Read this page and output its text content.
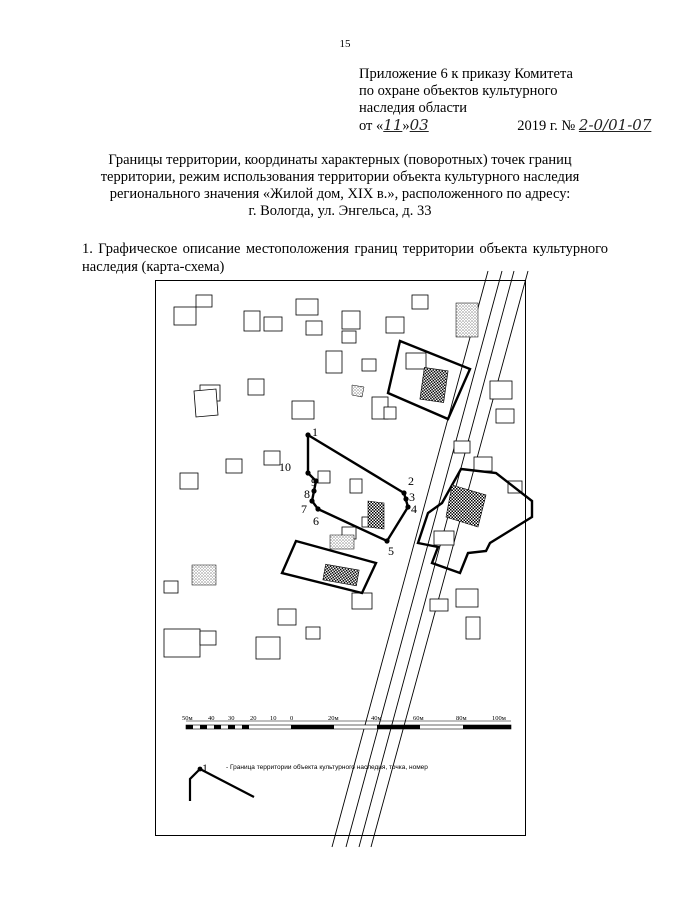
15
Приложение 6 к приказу Комитета
по охране объектов культурного
наследия области
от «11»03	2019 г. № 2-0/01-07
Границы территории, координаты характерных (поворотных) точек границ
территории, режим использования территории объекта культурного наследия
регионального значения «Жилой дом, XIX в.», расположенного по адресу:
г. Вологда, ул. Энгельса, д. 33
1. Графическое описание местоположения границ территории объекта культурного наследия (карта-схема)
1
2
3
4
5
6
7
8
9
10
50м 40 30 20 10 0	20м	40м	60м	80м	100м
1	- Граница территории объекта культурного наследия, точка, номер
